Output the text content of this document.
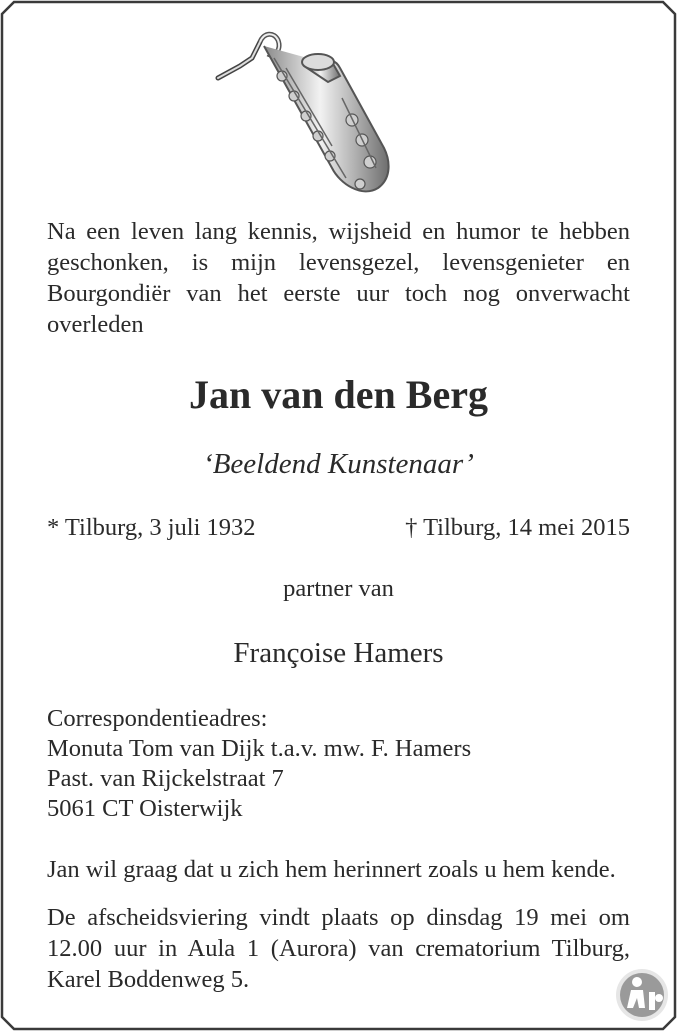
Na een leven lang kennis, wijsheid en humor te hebben geschonken, is mijn levensgezel, levensgenieter en Bourgondiër van het eerste uur toch nog onverwacht overleden
Jan van den Berg
‘Beeldend Kunstenaar’
* Tilburg, 3 juli 1932	† Tilburg, 14 mei 2015
partner van
Françoise Hamers
Correspondentieadres:
Monuta Tom van Dijk t.a.v. mw. F. Hamers
Past. van Rijckelstraat 7
5061 CT Oisterwijk
Jan wil graag dat u zich hem herinnert zoals u hem kende.
De afscheidsviering vindt plaats op dinsdag 19 mei om 12.00 uur in Aula 1 (Aurora) van crematorium Tilburg, Karel Boddenweg 5.
